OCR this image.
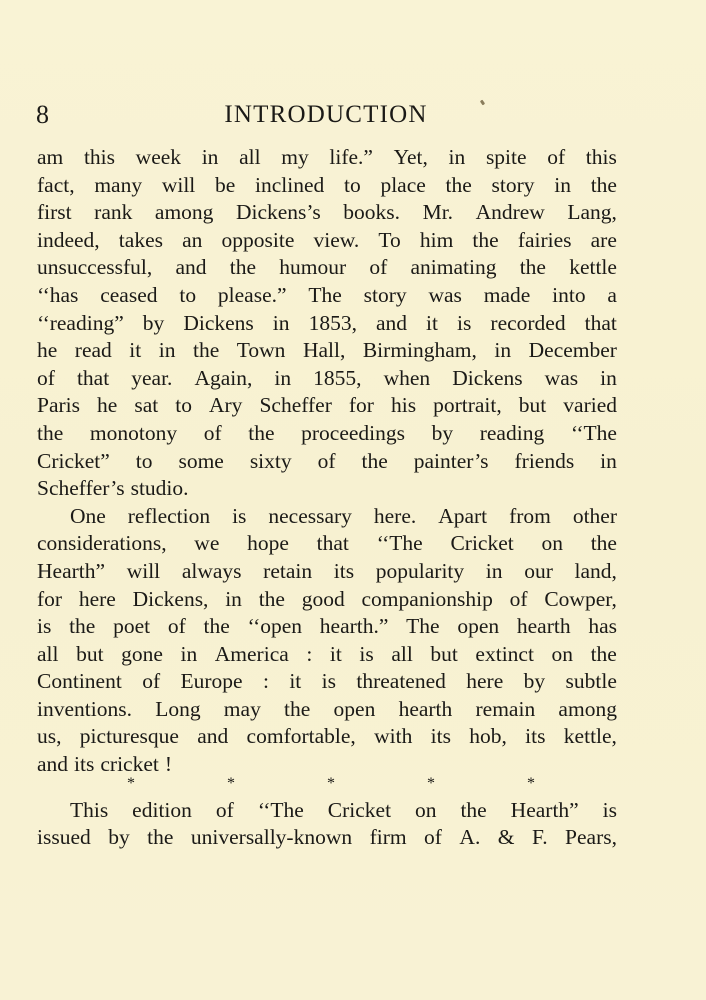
8	INTRODUCTION
am this week in all my life.” Yet, in spite of this
fact, many will be inclined to place the story in the
first rank among Dickens’s books. Mr. Andrew Lang,
indeed, takes an opposite view. To him the fairies are
unsuccessful, and the humour of animating the kettle
‘‘has ceased to please.” The story was made into a
‘‘reading” by Dickens in 1853, and it is recorded that
he read it in the Town Hall, Birmingham, in December
of that year. Again, in 1855, when Dickens was in
Paris he sat to Ary Scheffer for his portrait, but varied
the monotony of the proceedings by reading ‘‘The
Cricket” to some sixty of the painter’s friends in
Scheffer’s studio.
One reflection is necessary here. Apart from other
considerations, we hope that ‘‘The Cricket on the
Hearth” will always retain its popularity in our land,
for here Dickens, in the good companionship of Cowper,
is the poet of the ‘‘open hearth.” The open hearth has
all but gone in America : it is all but extinct on the
Continent of Europe : it is threatened here by subtle
inventions. Long may the open hearth remain among
us, picturesque and comfortable, with its hob, its kettle,
and its cricket !
*	*	*	*	*
This edition of ‘‘The Cricket on the Hearth” is
issued by the universally-known firm of A. & F. Pears,
